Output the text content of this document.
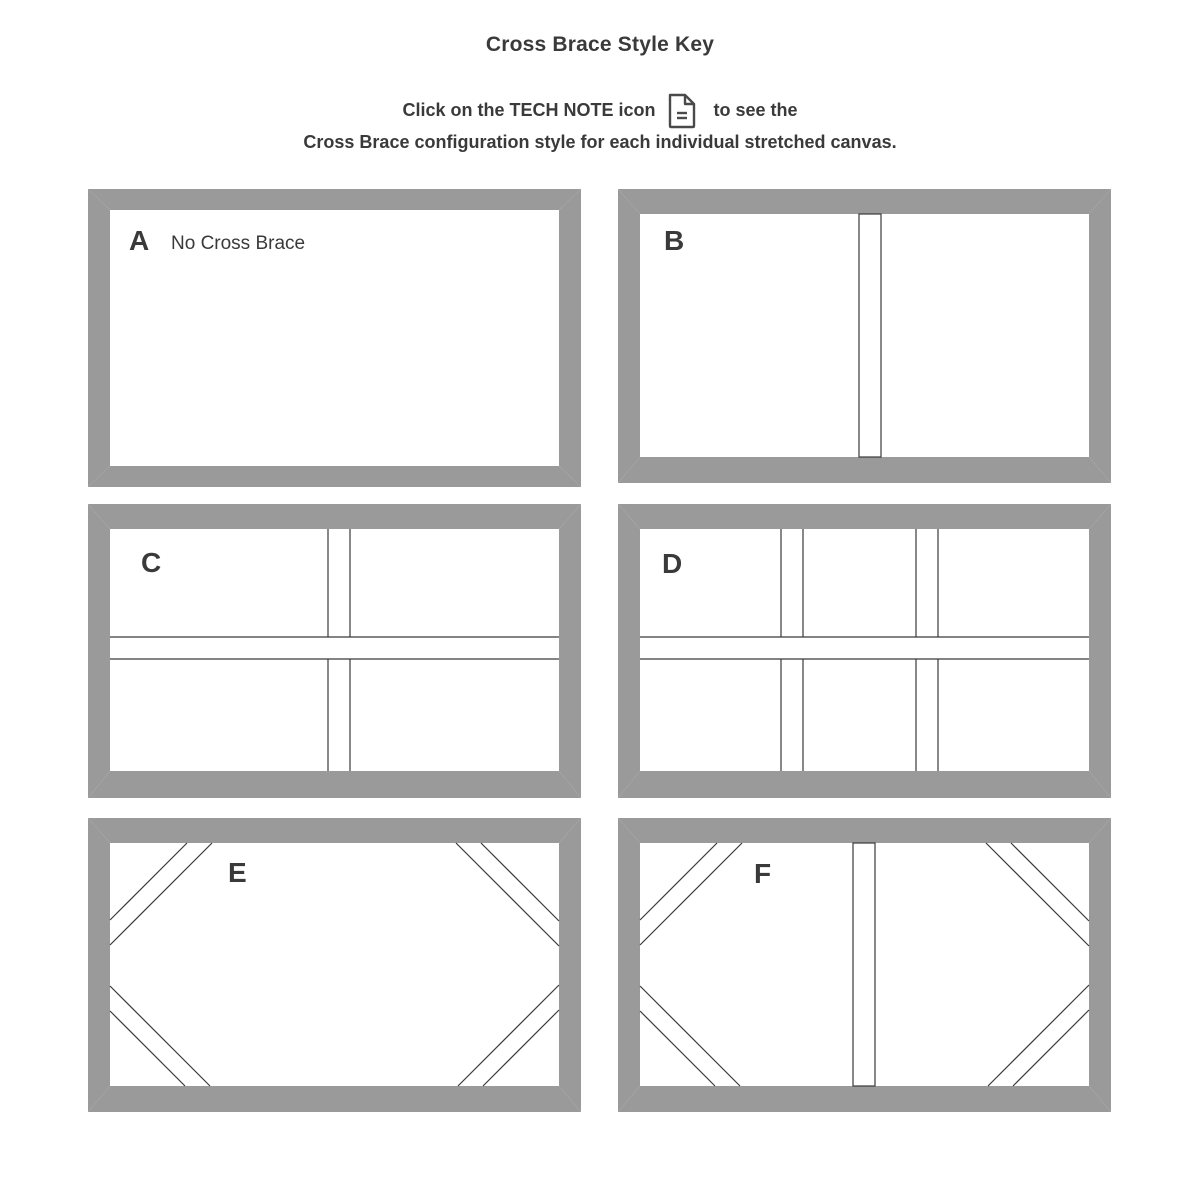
Cross Brace Style Key
Click on the TECH NOTE icon	to see the
Cross Brace configuration style for each individual stretched canvas.
A No Cross Brace	B
C	D
E	F
